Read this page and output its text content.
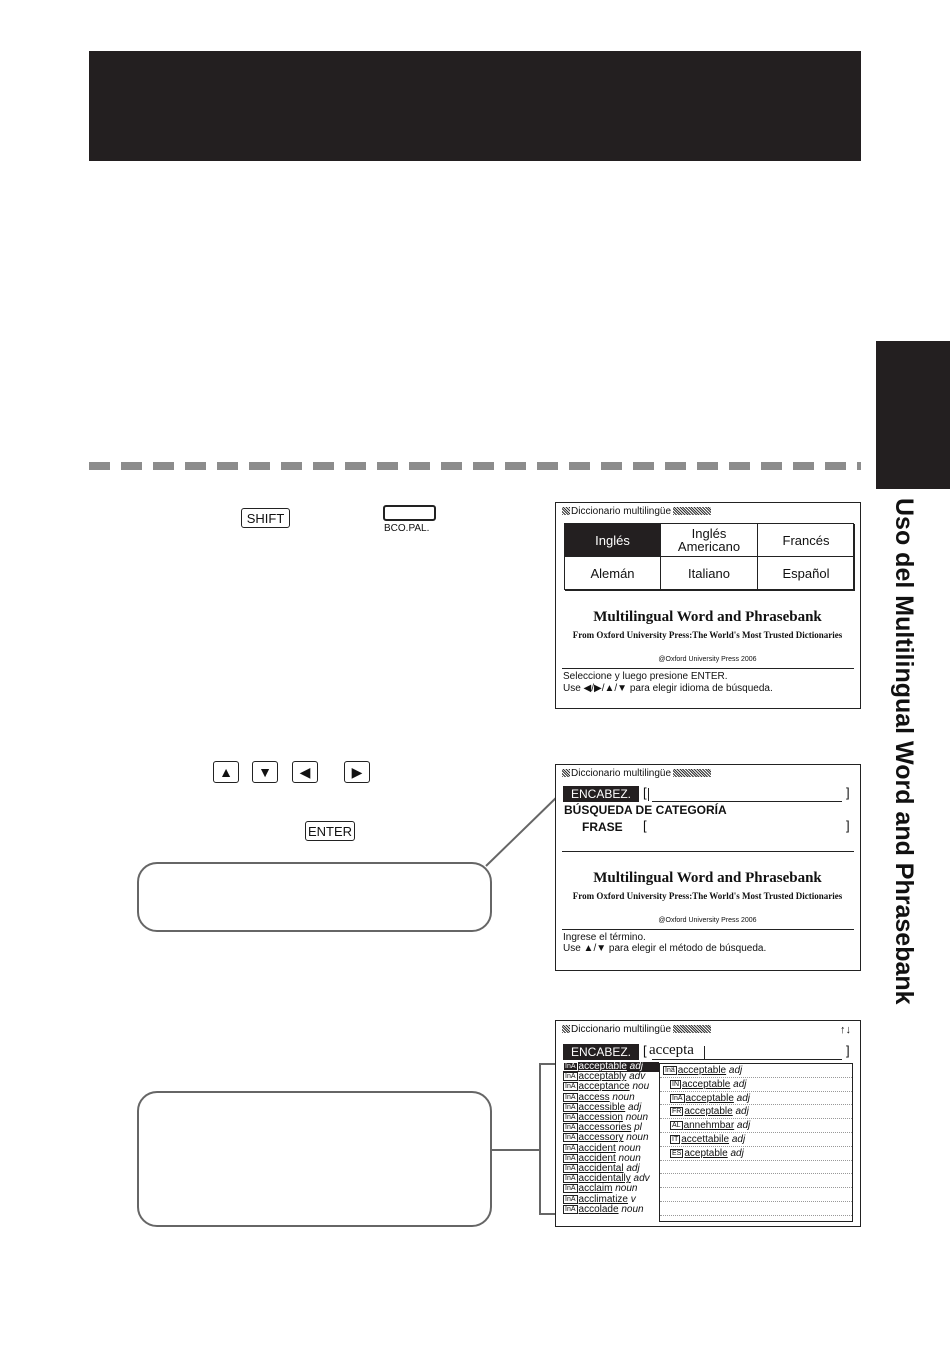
Uso del Multilingual Word and Phrasebank
SHIFT
BCO.PAL.
Diccionario multilingüe
Inglés	Inglés Americano	Francés
Alemán	Italiano	Español
Multilingual Word and Phrasebank
From Oxford University Press:The World's Most Trusted Dictionaries
@Oxford University Press 2006
Seleccione y luego presione ENTER.
Use ◀/▶/▲/▼ para elegir idioma de búsqueda.
▲	▼	◀	▶
ENTER
Diccionario multilingüe
ENCABEZ. [	]
BÚSQUEDA DE CATEGORÍA
FRASE [	]
Multilingual Word and Phrasebank
From Oxford University Press:The World's Most Trusted Dictionaries
@Oxford University Press 2006
Ingrese el término.
Use ▲/▼ para elegir el método de búsqueda.
Diccionario multilingüe	↑↓
ENCABEZ. [ accepta	]
InA acceptable adj
InA acceptably adv
InA acceptance nou
InA access noun
InA accessible adj
InA accession noun
InA accessories pl
InA accessory noun
InA accident noun
InA accident noun
InA accidental adj
InA accidentally adv
InA acclaim noun
InA acclimatize v
InA accolade noun
Inã acceptable adj
IN acceptable adj
InA acceptable adj
FR acceptable adj
AL annehmbar adj
IT accettabile adj
ES aceptable adj
